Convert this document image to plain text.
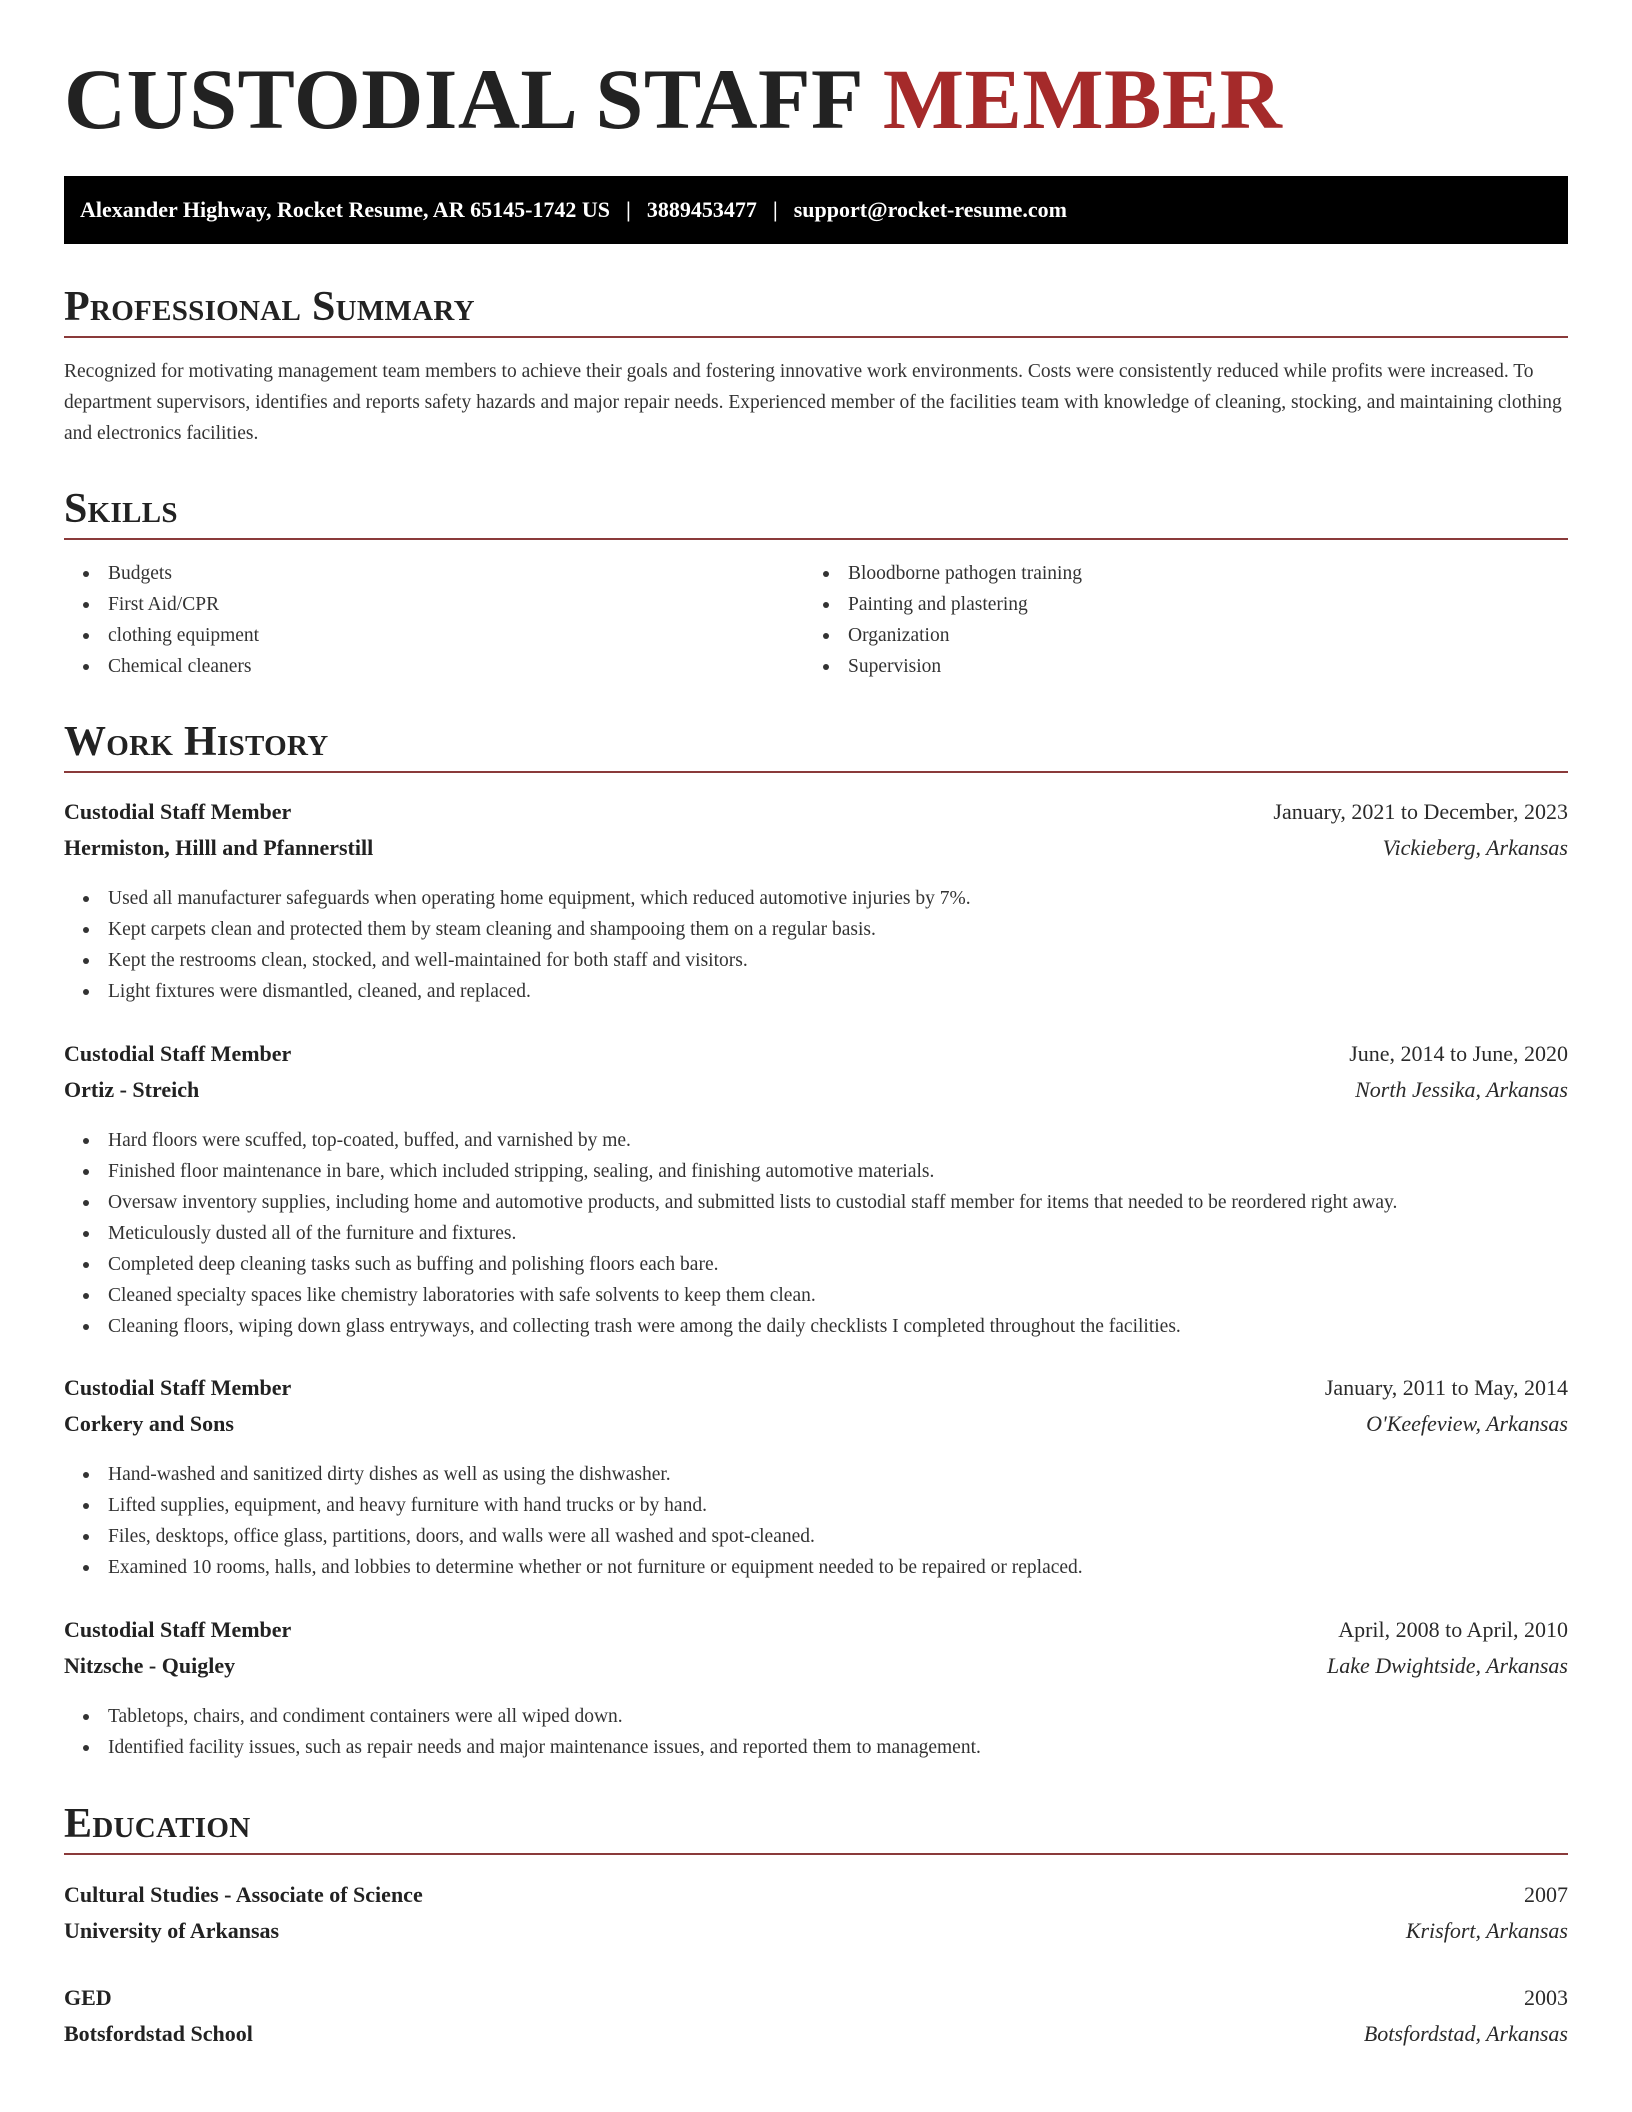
CUSTODIAL STAFF MEMBER
Alexander Highway, Rocket Resume, AR 65145-1742 US | 3889453477 | support@rocket-resume.com
Professional Summary

Recognized for motivating management team members to achieve their goals and fostering innovative work environments. Costs were consistently reduced while profits were increased. To department supervisors, identifies and reports safety hazards and major repair needs. Experienced member of the facilities team with knowledge of cleaning, stocking, and maintaining clothing and electronics facilities.

Skills
Budgets
First Aid/CPR
clothing equipment
Chemical cleaners
Bloodborne pathogen training
Painting and plastering
Organization
Supervision
Work History
Custodial Staff Member	January, 2021 to December, 2023
Hermiston, Hilll and Pfannerstill	Vickieberg, Arkansas
Used all manufacturer safeguards when operating home equipment, which reduced automotive injuries by 7%.
Kept carpets clean and protected them by steam cleaning and shampooing them on a regular basis.
Kept the restrooms clean, stocked, and well-maintained for both staff and visitors.
Light fixtures were dismantled, cleaned, and replaced.
Custodial Staff Member	June, 2014 to June, 2020
Ortiz - Streich	North Jessika, Arkansas
Hard floors were scuffed, top-coated, buffed, and varnished by me.
Finished floor maintenance in bare, which included stripping, sealing, and finishing automotive materials.
Oversaw inventory supplies, including home and automotive products, and submitted lists to custodial staff member for items that needed to be reordered right away.
Meticulously dusted all of the furniture and fixtures.
Completed deep cleaning tasks such as buffing and polishing floors each bare.
Cleaned specialty spaces like chemistry laboratories with safe solvents to keep them clean.
Cleaning floors, wiping down glass entryways, and collecting trash were among the daily checklists I completed throughout the facilities.
Custodial Staff Member	January, 2011 to May, 2014
Corkery and Sons	O'Keefeview, Arkansas
Hand-washed and sanitized dirty dishes as well as using the dishwasher.
Lifted supplies, equipment, and heavy furniture with hand trucks or by hand.
Files, desktops, office glass, partitions, doors, and walls were all washed and spot-cleaned.
Examined 10 rooms, halls, and lobbies to determine whether or not furniture or equipment needed to be repaired or replaced.
Custodial Staff Member	April, 2008 to April, 2010
Nitzsche - Quigley	Lake Dwightside, Arkansas
Tabletops, chairs, and condiment containers were all wiped down.
Identified facility issues, such as repair needs and major maintenance issues, and reported them to management.
Education
Cultural Studies - Associate of Science	2007
University of Arkansas	Krisfort, Arkansas
GED	2003
Botsfordstad School	Botsfordstad, Arkansas
